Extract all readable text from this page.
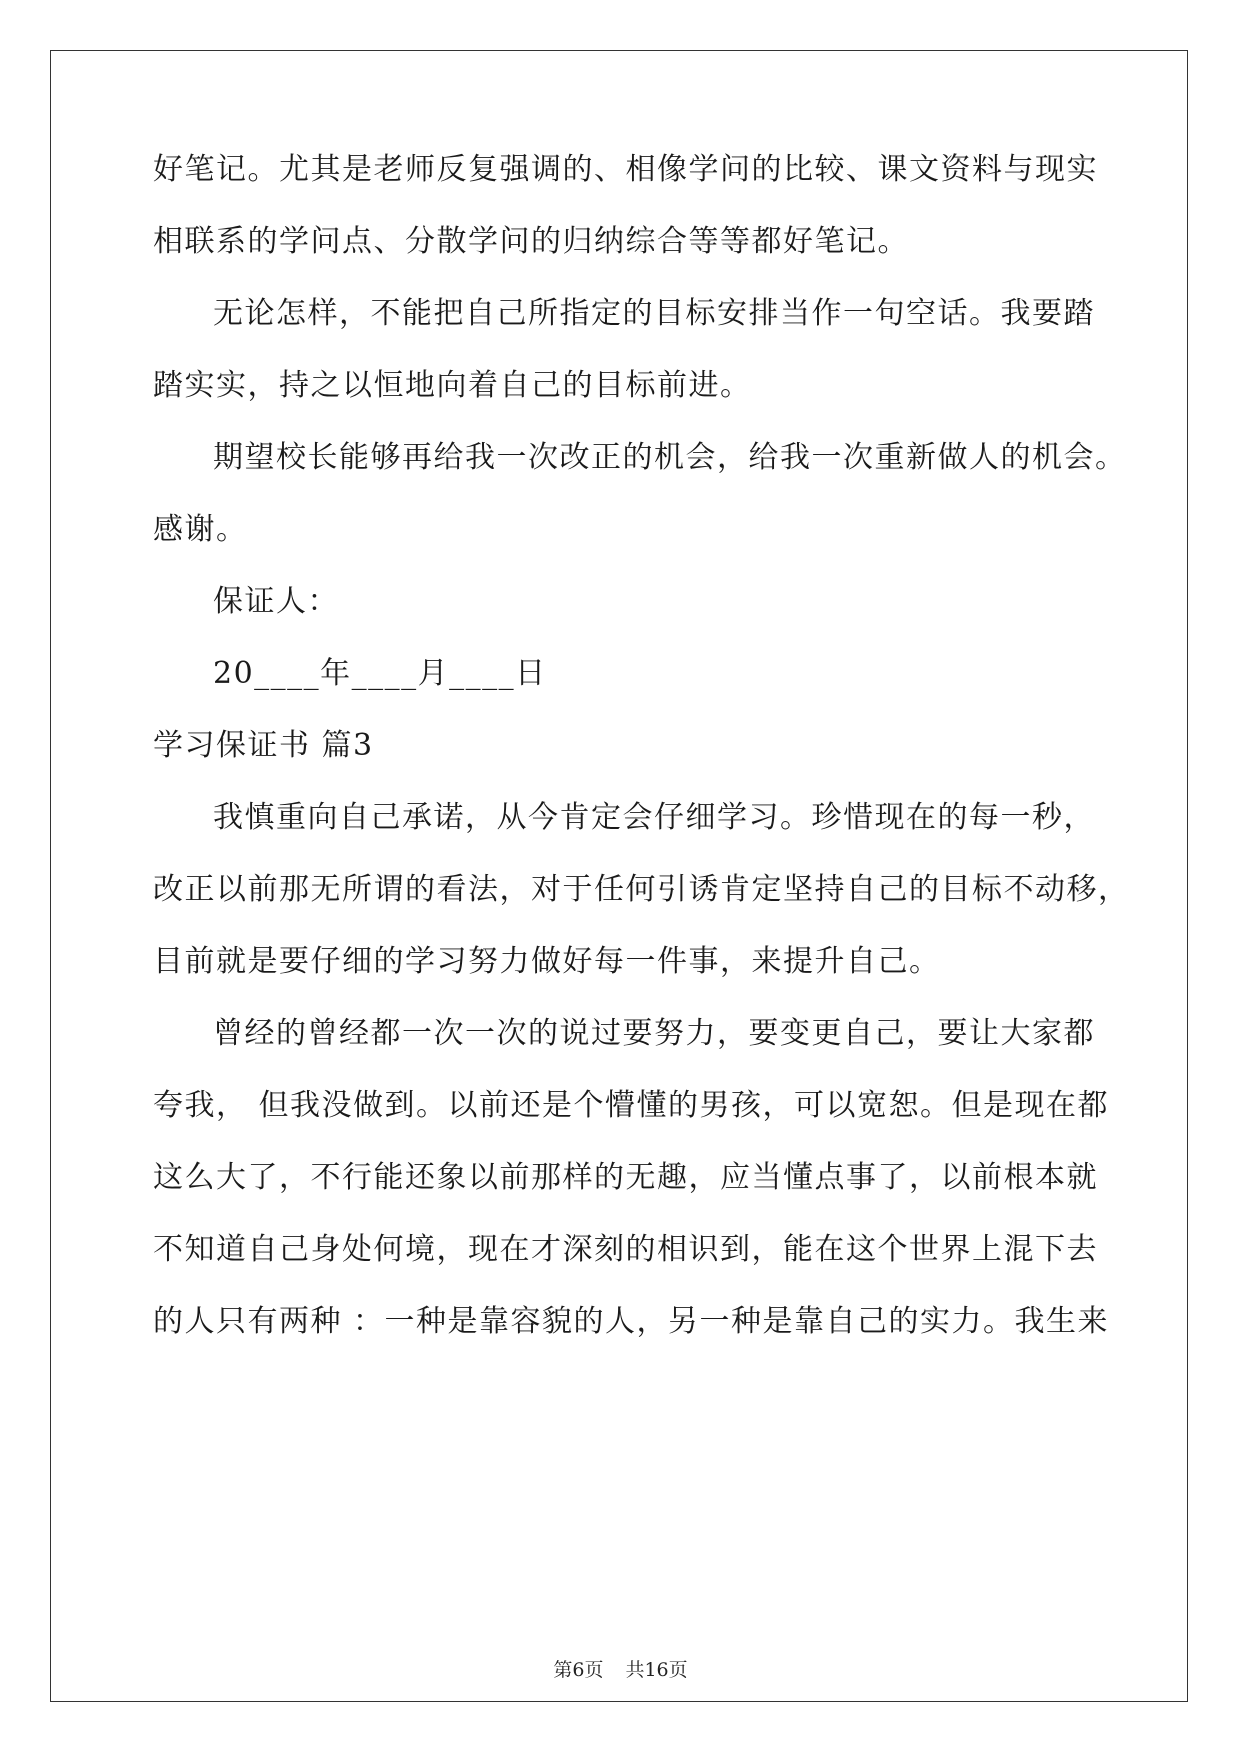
好笔记。尤其是老师反复强调的、相像学问的比较、课文资料与现实
相联系的学问点、分散学问的归纳综合等等都好笔记。
无论怎样，不能把自己所指定的目标安排当作一句空话。我要踏
踏实实，持之以恒地向着自己的目标前进。
期望校长能够再给我一次改正的机会，给我一次重新做人的机会。
感谢。
保证人：
20____年____月____日
学习保证书 篇3
我慎重向自己承诺，从今肯定会仔细学习。珍惜现在的每一秒，
改正以前那无所谓的看法，对于任何引诱肯定坚持自己的目标不动移，
目前就是要仔细的学习努力做好每一件事，来提升自己。
曾经的曾经都一次一次的说过要努力，要变更自己，要让大家都
夸我， 但我没做到。以前还是个懵懂的男孩，可以宽恕。但是现在都
这么大了，不行能还象以前那样的无趣，应当懂点事了，以前根本就
不知道自己身处何境，现在才深刻的相识到，能在这个世界上混下去
的人只有两种 ：一种是靠容貌的人，另一种是靠自己的实力。我生来
第6页 共16页
